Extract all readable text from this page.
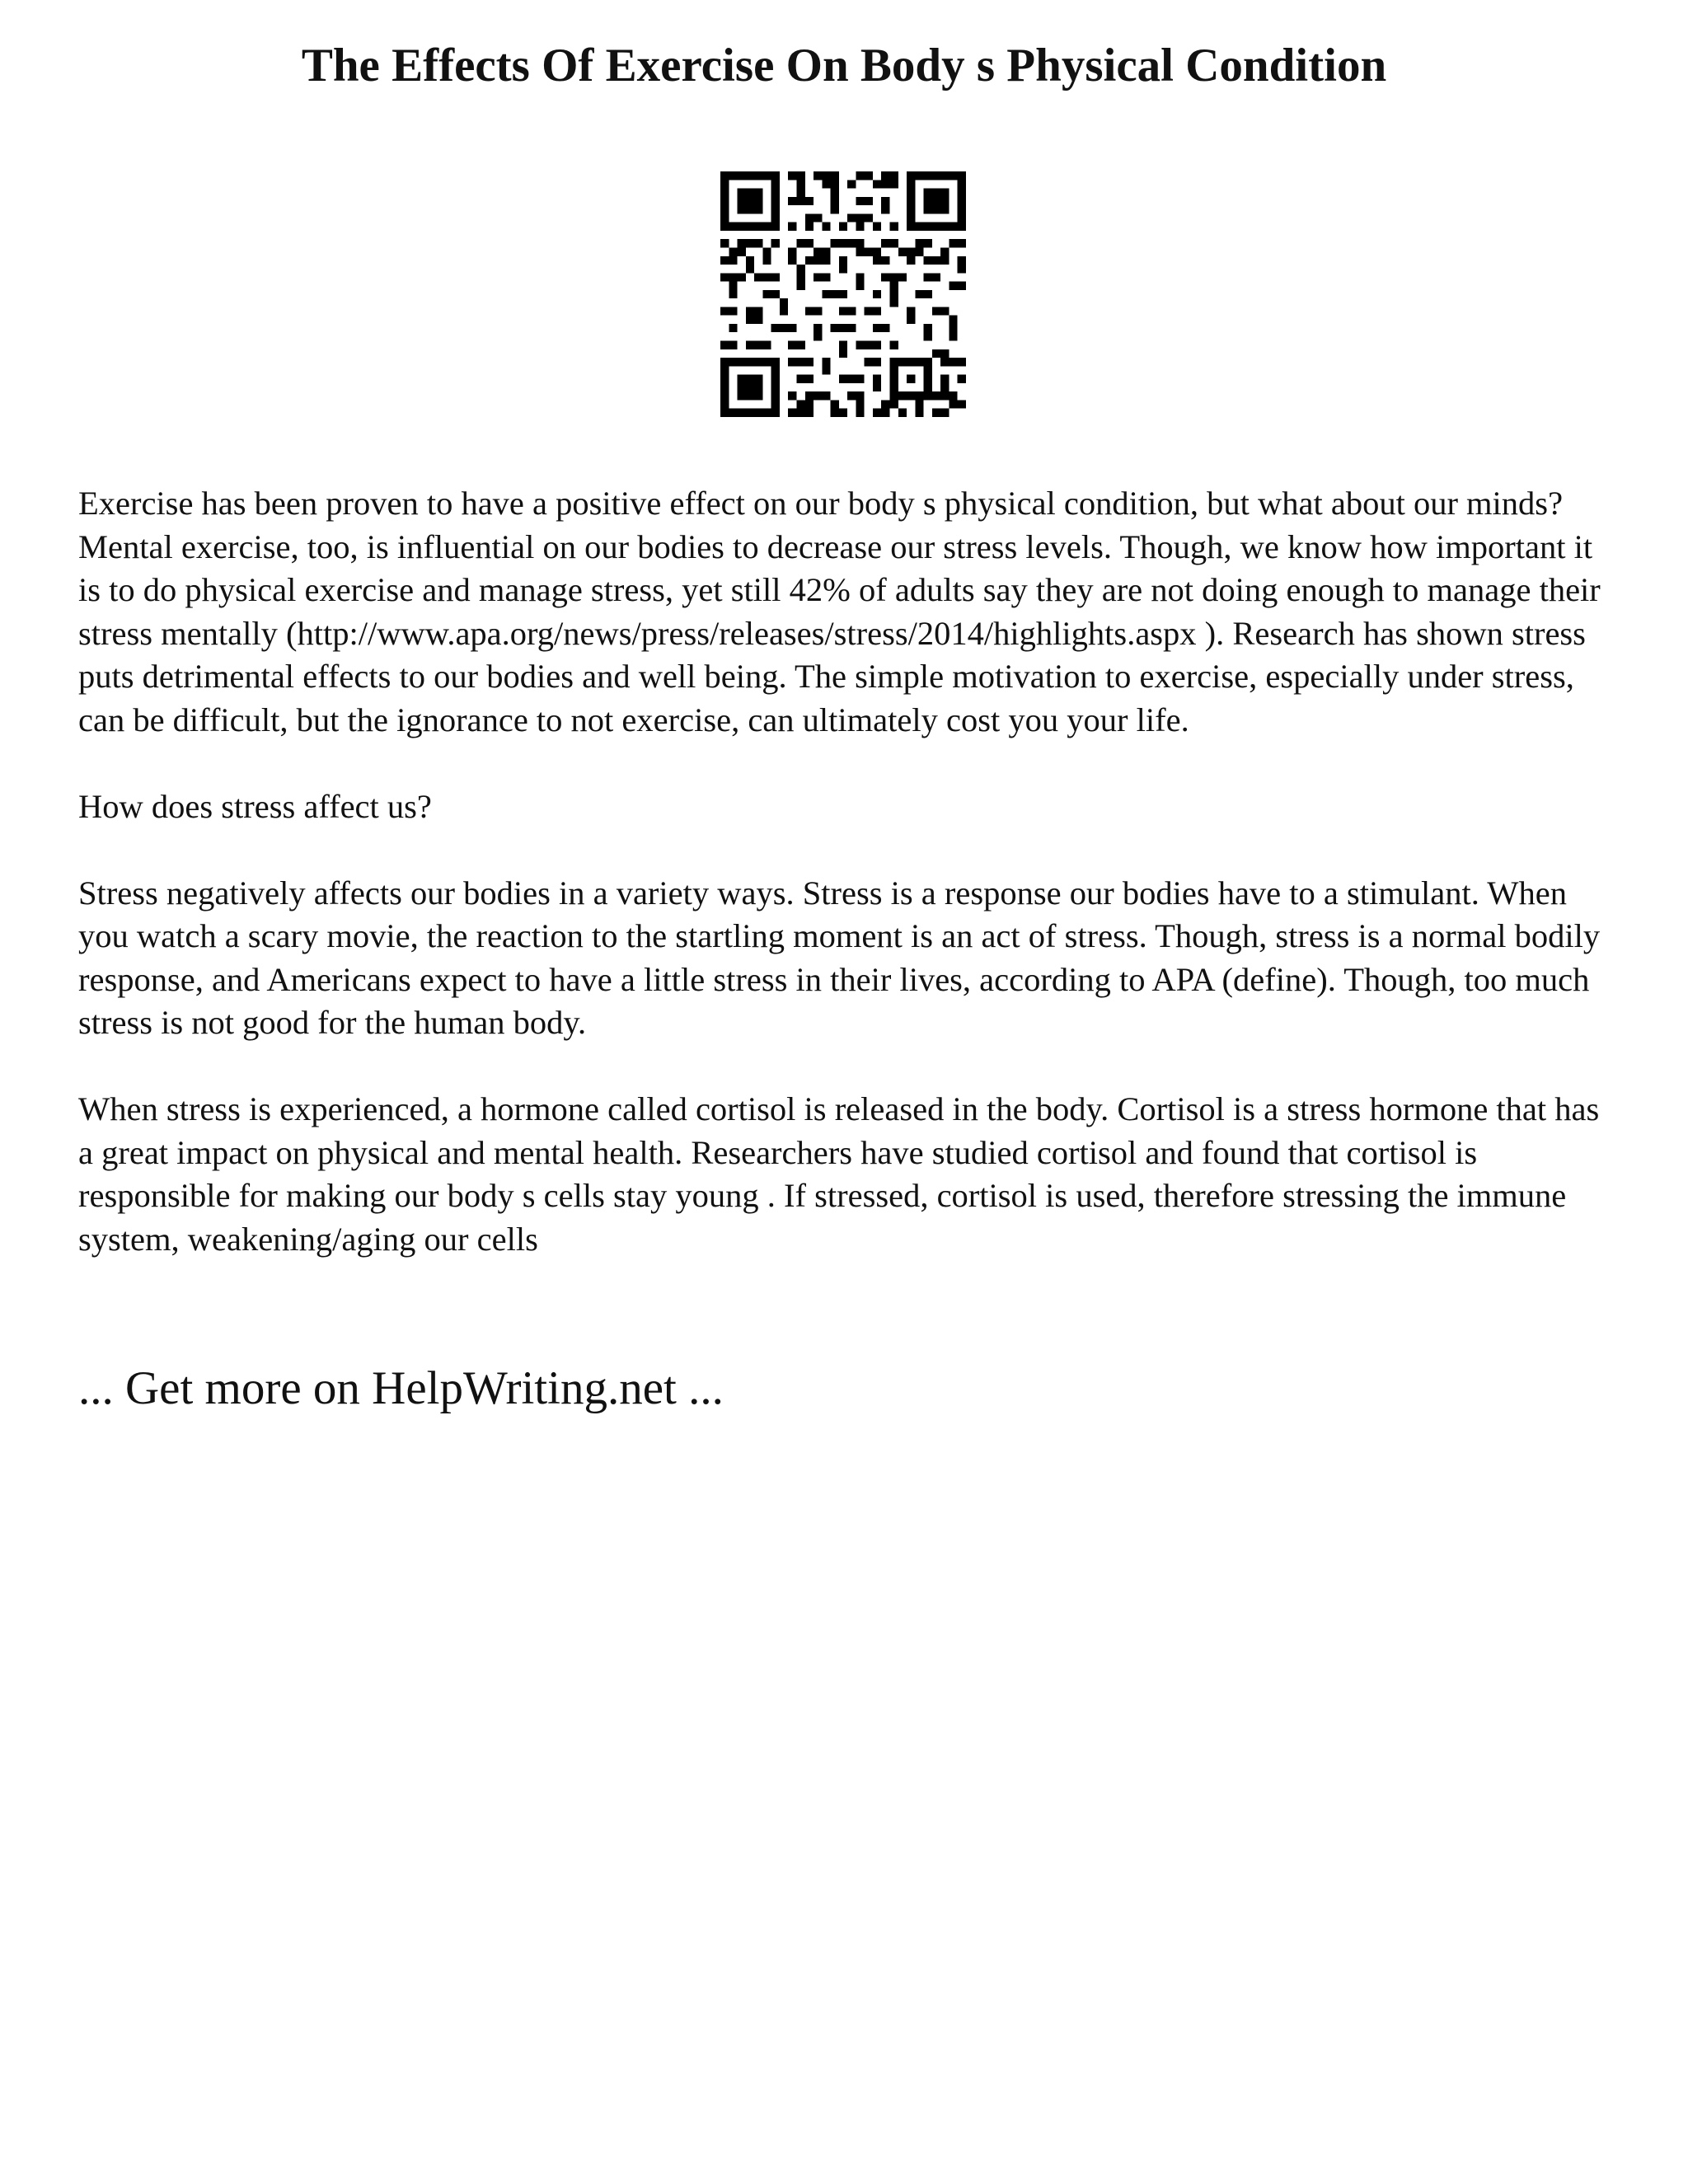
The Effects Of Exercise On Body s Physical Condition

Exercise has been proven to have a positive effect on our body s physical condition, but what about our minds? Mental exercise, too, is influential on our bodies to decrease our stress levels. Though, we know how important it is to do physical exercise and manage stress, yet still 42% of adults say they are not doing enough to manage their stress mentally (http://www.apa.org/news/press/releases/stress/2014/highlights.aspx ). Research has shown stress puts detrimental effects to our bodies and well being. The simple motivation to exercise, especially under stress, can be difficult, but the ignorance to not exercise, can ultimately cost you your life.

How does stress affect us?

Stress negatively affects our bodies in a variety ways. Stress is a response our bodies have to a stimulant. When you watch a scary movie, the reaction to the startling moment is an act of stress. Though, stress is a normal bodily response, and Americans expect to have a little stress in their lives, according to APA (define). Though, too much stress is not good for the human body.

When stress is experienced, a hormone called cortisol is released in the body. Cortisol is a stress hormone that has a great impact on physical and mental health. Researchers have studied cortisol and found that cortisol is responsible for making our body s cells stay young . If stressed, cortisol is used, therefore stressing the immune system, weakening/aging our cells

... Get more on HelpWriting.net ...
